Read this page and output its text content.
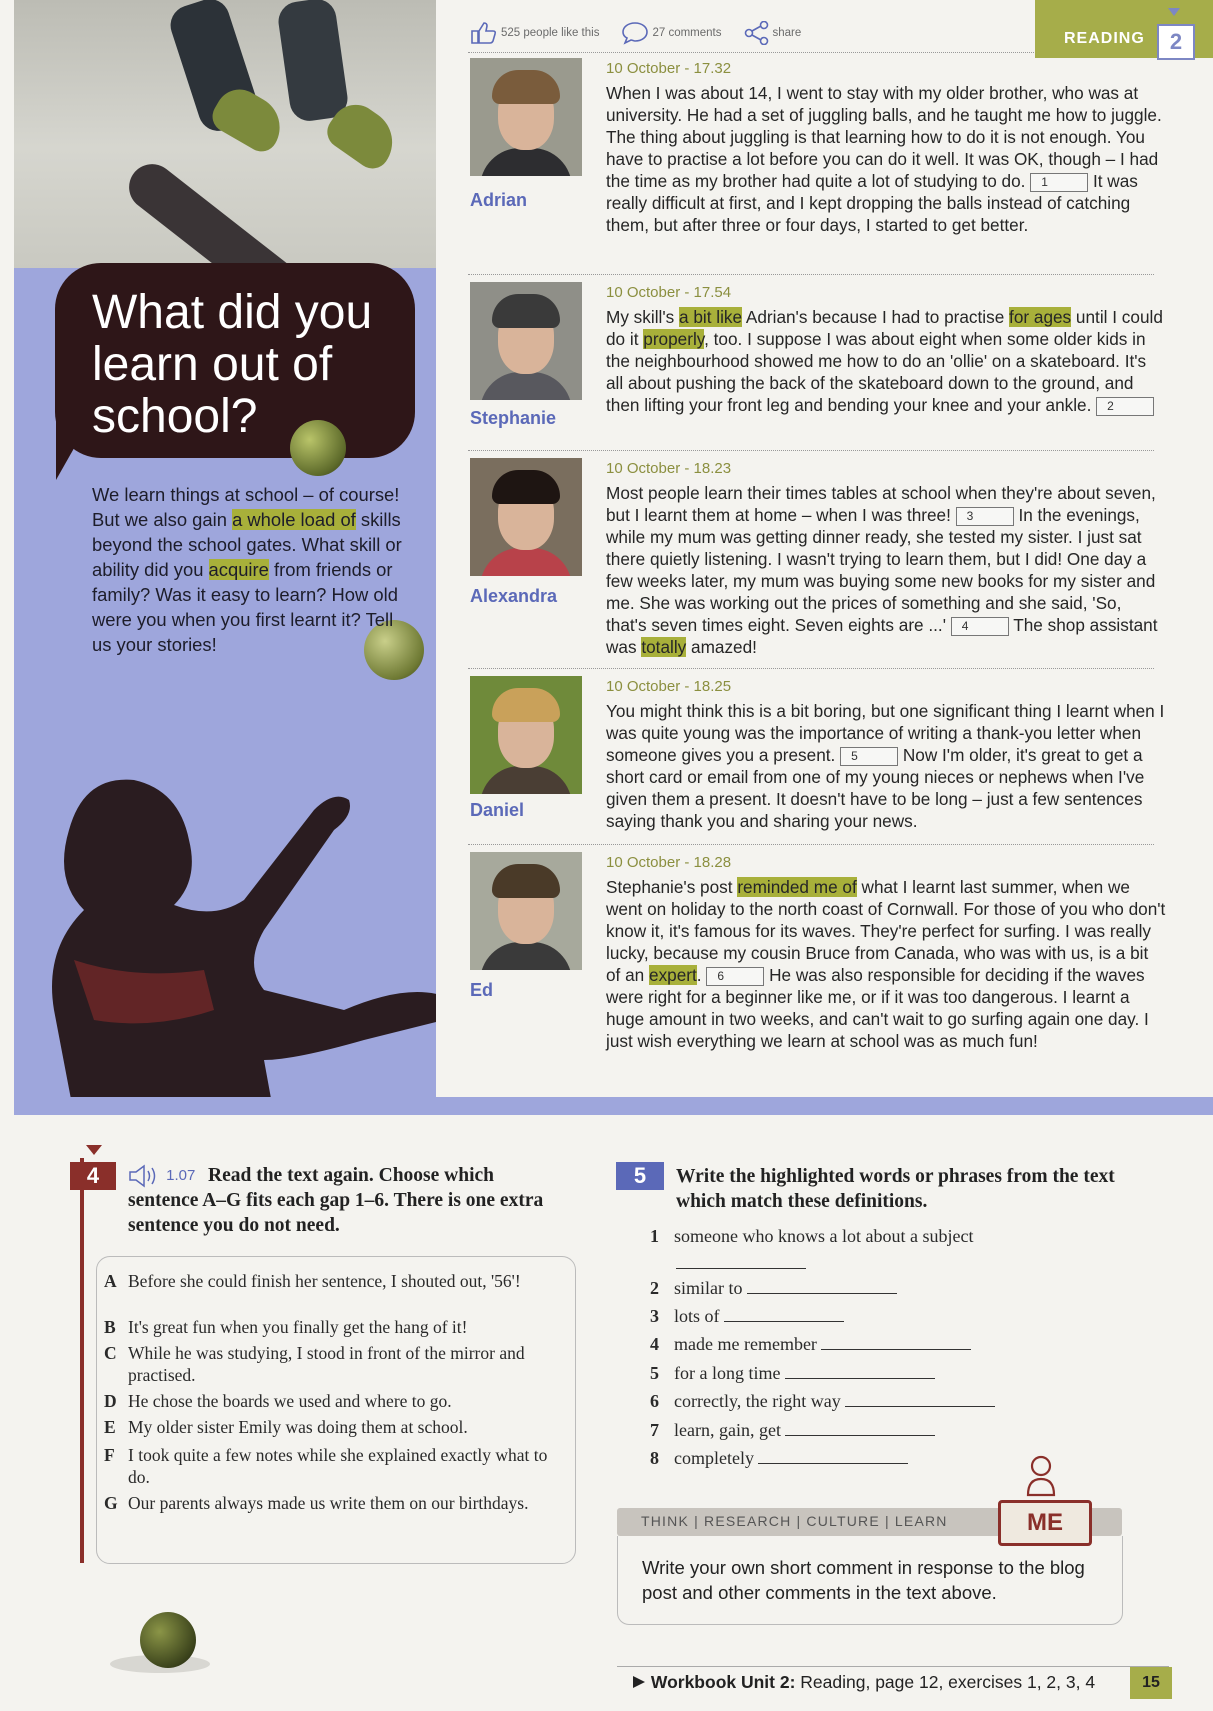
What did you learn out of school?
We learn things at school – of course! But we also gain a whole load of skills beyond the school gates. What skill or ability did you acquire from friends or family? Was it easy to learn? How old were you when you first learnt it? Tell us your stories!
525 people like this	27 comments	share	READING	2
Adrian
10 October - 17.32
When I was about 14, I went to stay with my older brother, who was at university. He had a set of juggling balls, and he taught me how to juggle. The thing about juggling is that learning how to do it is not enough. You have to practise a lot before you can do it well. It was OK, though – I had the time as my brother had quite a lot of studying to do. 1 It was really difficult at first, and I kept dropping the balls instead of catching them, but after three or four days, I started to get better.
Stephanie
10 October - 17.54
My skill's a bit like Adrian's because I had to practise for ages until I could do it properly, too. I suppose I was about eight when some older kids in the neighbourhood showed me how to do an 'ollie' on a skateboard. It's all about pushing the back of the skateboard down to the ground, and then lifting your front leg and bending your knee and your ankle. 2
Alexandra
10 October - 18.23
Most people learn their times tables at school when they're about seven, but I learnt them at home – when I was three! 3 In the evenings, while my mum was getting dinner ready, she tested my sister. I just sat there quietly listening. I wasn't trying to learn them, but I did! One day a few weeks later, my mum was buying some new books for my sister and me. She was working out the prices of something and she said, 'So, that's seven times eight. Seven eights are ...' 4 The shop assistant was totally amazed!
Daniel
10 October - 18.25
You might think this is a bit boring, but one significant thing I learnt when I was quite young was the importance of writing a thank-you letter when someone gives you a present. 5 Now I'm older, it's great to get a short card or email from one of my young nieces or nephews when I've given them a present. It doesn't have to be long – just a few sentences saying thank you and sharing your news.
Ed
10 October - 18.28
Stephanie's post reminded me of what I learnt last summer, when we went on holiday to the north coast of Cornwall. For those of you who don't know it, it's famous for its waves. They're perfect for surfing. I was really lucky, because my cousin Bruce from Canada, who was with us, is a bit of an expert. 6 He was also responsible for deciding if the waves were right for a beginner like me, or if it was too dangerous. I learnt a huge amount in two weeks, and can't wait to go surfing again one day. I just wish everything we learn at school was as much fun!
4	1.07 Read the text again. Choose which sentence A–G fits each gap 1–6. There is one extra sentence you do not need.
A Before she could finish her sentence, I shouted out, '56'!
B It's great fun when you finally get the hang of it!
C While he was studying, I stood in front of the mirror and practised.
D He chose the boards we used and where to go.
E My older sister Emily was doing them at school.
F I took quite a few notes while she explained exactly what to do.
G Our parents always made us write them on our birthdays.
5	Write the highlighted words or phrases from the text which match these definitions.
1 someone who knows a lot about a subject
2 similar to
3 lots of
4 made me remember
5 for a long time
6 correctly, the right way
7 learn, gain, get
8 completely
THINK | RESEARCH | CULTURE | LEARN	ME
Write your own short comment in response to the blog post and other comments in the text above.
Workbook Unit 2: Reading, page 12, exercises 1, 2, 3, 4	15
